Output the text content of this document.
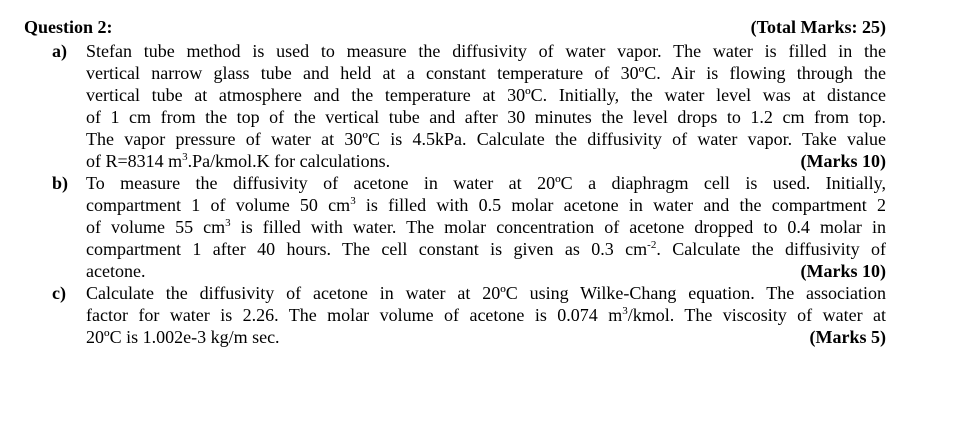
Question 2:	(Total Marks: 25)
a) Stefan tube method is used to measure the diffusivity of water vapor. The water is filled in the
vertical narrow glass tube and held at a constant temperature of 30ºC. Air is flowing through the
vertical tube at atmosphere and the temperature at 30ºC. Initially, the water level was at distance
of 1 cm from the top of the vertical tube and after 30 minutes the level drops to 1.2 cm from top.
The vapor pressure of water at 30ºC is 4.5kPa. Calculate the diffusivity of water vapor. Take value
of R=8314 $m^3.Pa/kmol.K$ for calculations.	(Marks 10)
b) To measure the diffusivity of acetone in water at 20ºC a diaphragm cell is used. Initially,
compartment 1 of volume 50 $cm^3$ is filled with 0.5 molar acetone in water and the compartment 2
of volume 55 $cm^3$ is filled with water. The molar concentration of acetone dropped to 0.4 molar in
compartment 1 after 40 hours. The cell constant is given as 0.3 $cm^{-2}$. Calculate the diffusivity of
acetone.	(Marks 10)
c) Calculate the diffusivity of acetone in water at 20ºC using Wilke-Chang equation. The association
factor for water is 2.26. The molar volume of acetone is 0.074 $m^3$/kmol. The viscosity of water at
20ºC is 1.002e-3 kg/m sec.	(Marks 5)
